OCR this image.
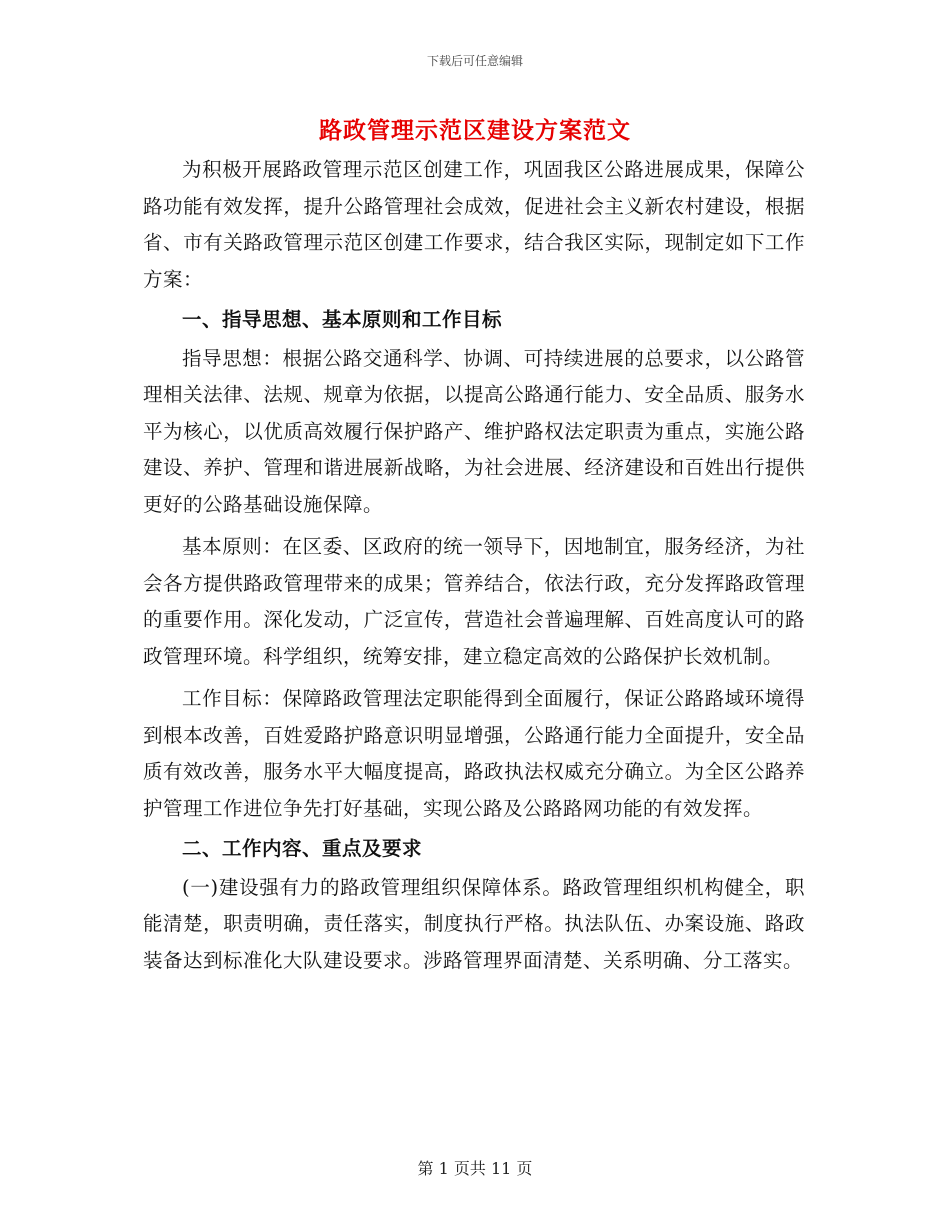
下载后可任意编辑
路政管理示范区建设方案范文

为积极开展路政管理示范区创建工作，巩固我区公路进展成果，保障公路功能有效发挥，提升公路管理社会成效，促进社会主义新农村建设，根据省、市有关路政管理示范区创建工作要求，结合我区实际，现制定如下工作方案：

一、指导思想、基本原则和工作目标

指导思想：根据公路交通科学、协调、可持续进展的总要求，以公路管理相关法律、法规、规章为依据，以提高公路通行能力、安全品质、服务水平为核心，以优质高效履行保护路产、维护路权法定职责为重点，实施公路建设、养护、管理和谐进展新战略，为社会进展、经济建设和百姓出行提供更好的公路基础设施保障。

基本原则：在区委、区政府的统一领导下，因地制宜，服务经济，为社会各方提供路政管理带来的成果；管养结合，依法行政，充分发挥路政管理的重要作用。深化发动，广泛宣传，营造社会普遍理解、百姓高度认可的路政管理环境。科学组织，统筹安排，建立稳定高效的公路保护长效机制。

工作目标：保障路政管理法定职能得到全面履行，保证公路路域环境得到根本改善，百姓爱路护路意识明显增强，公路通行能力全面提升，安全品质有效改善，服务水平大幅度提高，路政执法权威充分确立。为全区公路养护管理工作进位争先打好基础，实现公路及公路路网功能的有效发挥。

二、工作内容、重点及要求

(一)建设强有力的路政管理组织保障体系。路政管理组织机构健全，职能清楚，职责明确，责任落实，制度执行严格。执法队伍、办案设施、路政装备达到标准化大队建设要求。涉路管理界面清楚、关系明确、分工落实。

第 1 页共 11 页
